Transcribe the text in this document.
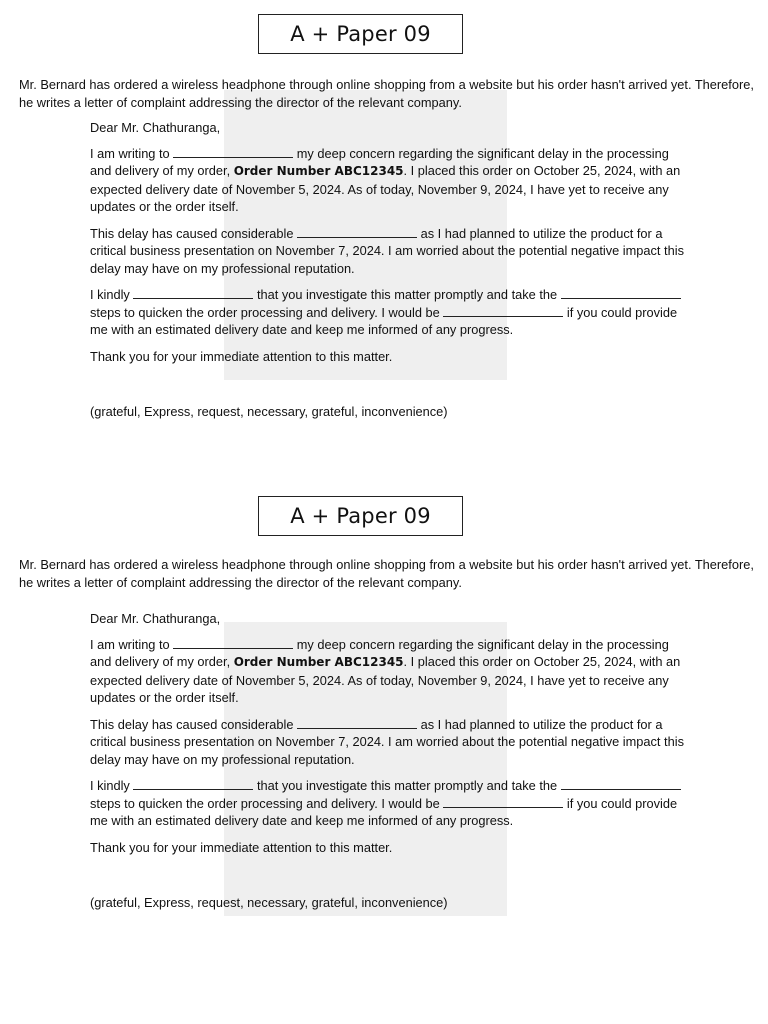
A + Paper 09
Mr. Bernard has ordered a wireless headphone through online shopping from a website but his order hasn't arrived yet. Therefore, he writes a letter of complaint addressing the director of the relevant company.

Dear Mr. Chathuranga,

I am writing to	my deep concern regarding the significant delay in the processing and delivery of my order, Order Number ABC12345. I placed this order on October 25, 2024, with an expected delivery date of November 5, 2024. As of today, November 9, 2024, I have yet to receive any updates or the order itself.

This delay has caused considerable	as I had planned to utilize the product for a critical business presentation on November 7, 2024. I am worried about the potential negative impact this delay may have on my professional reputation.

I kindly	that you investigate this matter promptly and take the  steps to quicken the order processing and delivery. I would be	if you could provide me with an estimated delivery date and keep me informed of any progress.

Thank you for your immediate attention to this matter.

(grateful, Express, request, necessary, grateful, inconvenience)

A + Paper 09
Mr. Bernard has ordered a wireless headphone through online shopping from a website but his order hasn't arrived yet. Therefore, he writes a letter of complaint addressing the director of the relevant company.

Dear Mr. Chathuranga,

I am writing to	my deep concern regarding the significant delay in the processing and delivery of my order, Order Number ABC12345. I placed this order on October 25, 2024, with an expected delivery date of November 5, 2024. As of today, November 9, 2024, I have yet to receive any updates or the order itself.

This delay has caused considerable	as I had planned to utilize the product for a critical business presentation on November 7, 2024. I am worried about the potential negative impact this delay may have on my professional reputation.

I kindly	that you investigate this matter promptly and take the  steps to quicken the order processing and delivery. I would be	if you could provide me with an estimated delivery date and keep me informed of any progress.

Thank you for your immediate attention to this matter.

(grateful, Express, request, necessary, grateful, inconvenience)
